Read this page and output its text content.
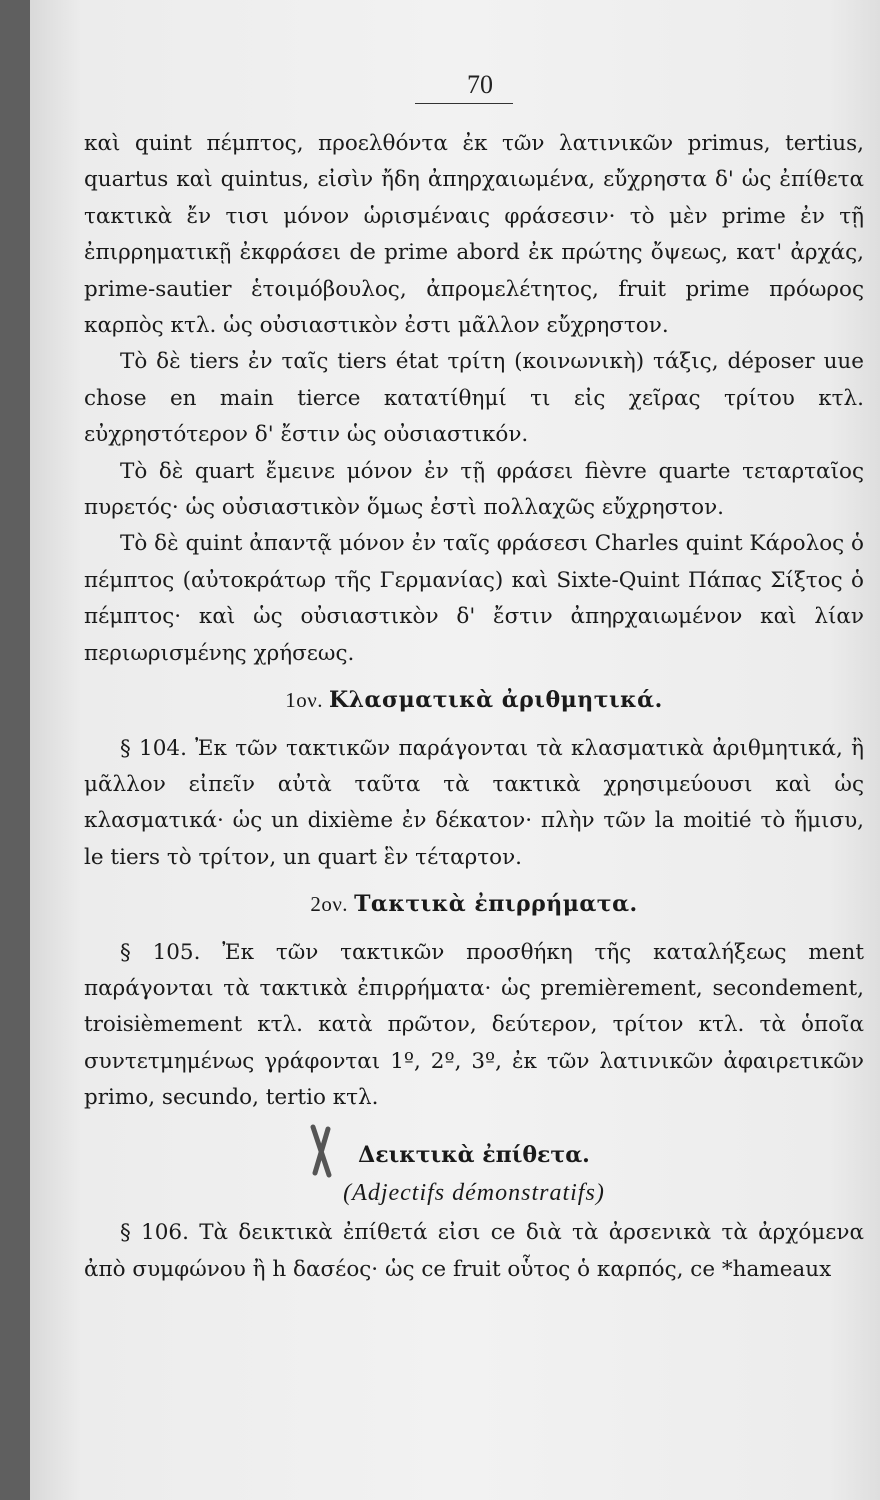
70

καὶ quint πέμπτος, προελθόντα ἐκ τῶν λατινικῶν primus, tertius, quartus καὶ quintus, εἰσὶν ἤδη ἀπηρχαιωμένα, εὔχρηστα δ' ὡς ἐπίθετα τακτικὰ ἔν τισι μόνον ὡρισμέναις φράσεσιν· τὸ μὲν prime ἐν τῇ ἐπιρρηματικῇ ἐκφράσει de prime abord ἐκ πρώτης ὄψεως, κατ' ἀρχάς, prime-sautier ἑτοιμόβουλος, ἀπρομελέτητος, fruit prime πρόωρος καρπὸς κτλ. ὡς οὐσιαστικὸν ἐστι μᾶλλον εὔχρηστον.

Τὸ δὲ tiers ἐν ταῖς tiers état τρίτη (κοινωνικὴ) τάξις, déposer uue chose en main tierce κατατίθημί τι εἰς χεῖρας τρίτου κτλ. εὐχρηστότερον δ' ἔστιν ὡς οὐσιαστικόν.

Τὸ δὲ quart ἔμεινε μόνον ἐν τῇ φράσει fièvre quarte τεταρταῖος πυρετός· ὡς οὐσιαστικὸν ὅμως ἐστὶ πολλαχῶς εὔχρηστον.

Τὸ δὲ quint ἀπαντᾷ μόνον ἐν ταῖς φράσεσι Charles quint Κάρολος ὁ πέμπτος (αὐτοκράτωρ τῆς Γερμανίας) καὶ Sixte-Quint Πάπας Σίξτος ὁ πέμπτος· καὶ ὡς οὐσιαστικὸν δ' ἔστιν ἀπηρχαιωμένον καὶ λίαν περιωρισμένης χρήσεως.

1ον. Κλασματικὰ ἀριθμητικά.

§ 104. Ἐκ τῶν τακτικῶν παράγονται τὰ κλασματικὰ ἀριθμητικά, ἢ μᾶλλον εἰπεῖν αὐτὰ ταῦτα τὰ τακτικὰ χρησιμεύουσι καὶ ὡς κλασματικά· ὡς un dixième ἐν δέκατον· πλὴν τῶν la moitié τὸ ἥμισυ, le tiers τὸ τρίτον, un quart ἓν τέταρτον.

2ον. Τακτικὰ ἐπιρρήματα.

§ 105. Ἐκ τῶν τακτικῶν προσθήκη τῆς καταλήξεως ment παράγονται τὰ τακτικὰ ἐπιρρήματα· ὡς premièrement, secondement, troisièmement κτλ. κατὰ πρῶτον, δεύτερον, τρίτον κτλ. τὰ ὁποῖα συντετμημένως γράφονται 1º, 2º, 3º, ἐκ τῶν λατινικῶν ἀφαιρετικῶν primo, secundo, tertio κτλ.

Δεικτικὰ ἐπίθετα.

(Adjectifs démonstratifs)

§ 106. Τὰ δεικτικὰ ἐπίθετά εἰσι ce διὰ τὰ ἀρσενικὰ τὰ ἀρχόμενα ἀπὸ συμφώνου ἢ h δασέος· ὡς ce fruit οὗτος ὁ καρπός, ce *hameaux
